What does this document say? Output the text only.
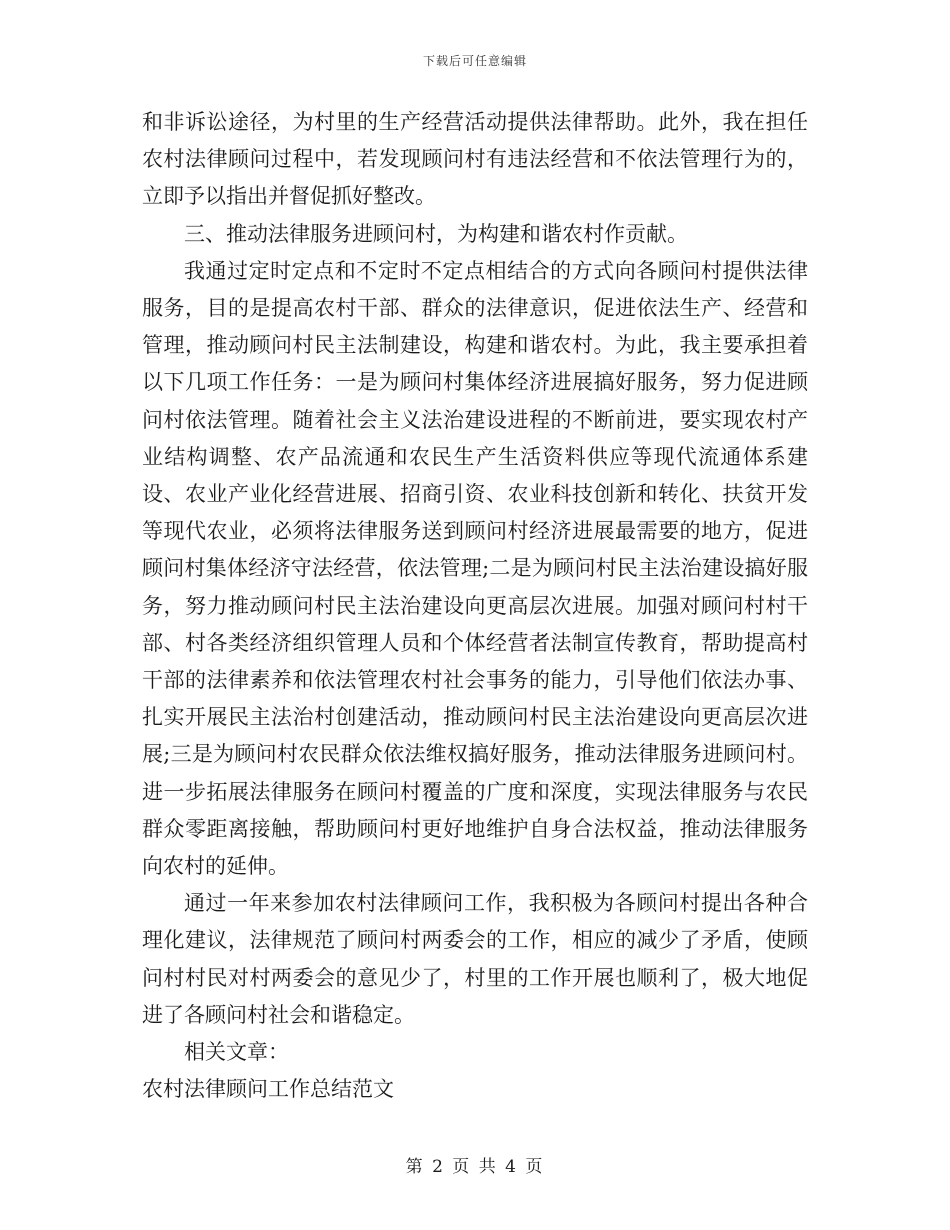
下载后可任意编辑

和非诉讼途径，为村里的生产经营活动提供法律帮助。此外，我在担任农村法律顾问过程中，若发现顾问村有违法经营和不依法管理行为的，立即予以指出并督促抓好整改。

三、推动法律服务进顾问村，为构建和谐农村作贡献。

我通过定时定点和不定时不定点相结合的方式向各顾问村提供法律服务，目的是提高农村干部、群众的法律意识，促进依法生产、经营和管理，推动顾问村民主法制建设，构建和谐农村。为此，我主要承担着以下几项工作任务：一是为顾问村集体经济进展搞好服务，努力促进顾问村依法管理。随着社会主义法治建设进程的不断前进，要实现农村产业结构调整、农产品流通和农民生产生活资料供应等现代流通体系建设、农业产业化经营进展、招商引资、农业科技创新和转化、扶贫开发等现代农业，必须将法律服务送到顾问村经济进展最需要的地方，促进顾问村集体经济守法经营，依法管理;二是为顾问村民主法治建设搞好服务，努力推动顾问村民主法治建设向更高层次进展。加强对顾问村村干部、村各类经济组织管理人员和个体经营者法制宣传教育，帮助提高村干部的法律素养和依法管理农村社会事务的能力，引导他们依法办事、扎实开展民主法治村创建活动，推动顾问村民主法治建设向更高层次进展;三是为顾问村农民群众依法维权搞好服务，推动法律服务进顾问村。进一步拓展法律服务在顾问村覆盖的广度和深度，实现法律服务与农民群众零距离接触，帮助顾问村更好地维护自身合法权益，推动法律服务向农村的延伸。

通过一年来参加农村法律顾问工作，我积极为各顾问村提出各种合理化建议，法律规范了顾问村两委会的工作，相应的减少了矛盾，使顾问村村民对村两委会的意见少了，村里的工作开展也顺利了，极大地促进了各顾问村社会和谐稳定。

相关文章：

农村法律顾问工作总结范文

第 2 页 共 4 页
